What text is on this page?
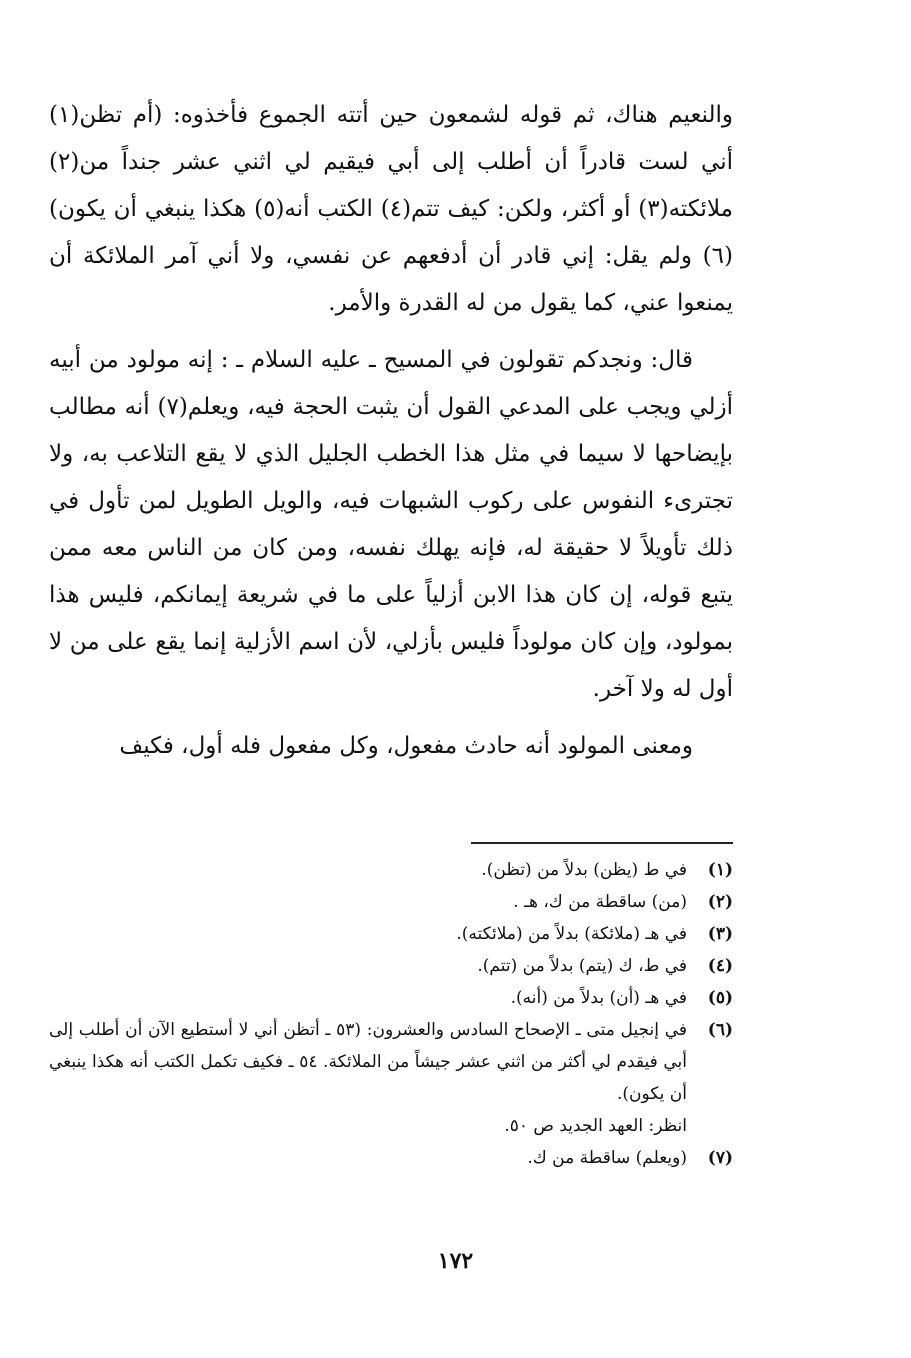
والنعيم هناك، ثم قوله لشمعون حين أتته الجموع فأخذوه: (أم تظن(١) أني لست قادراً أن أطلب إلى أبي فيقيم لي اثني عشر جنداً من(٢) ملائكته(٣) أو أكثر، ولكن: كيف تتم(٤) الكتب أنه(٥) هكذا ينبغي أن يكون)(٦) ولم يقل: إني قادر أن أدفعهم عن نفسي، ولا أني آمر الملائكة أن يمنعوا عني، كما يقول من له القدرة والأمر.

قال: ونجدكم تقولون في المسيح ـ عليه السلام ـ : إنه مولود من أبيه أزلي ويجب على المدعي القول أن يثبت الحجة فيه، ويعلم(٧) أنه مطالب بإيضاحها لا سيما في مثل هذا الخطب الجليل الذي لا يقع التلاعب به، ولا تجترىء النفوس على ركوب الشبهات فيه، والويل الطويل لمن تأول في ذلك تأويلاً لا حقيقة له، فإنه يهلك نفسه، ومن كان من الناس معه ممن يتبع قوله، إن كان هذا الابن أزلياً على ما في شريعة إيمانكم، فليس هذا بمولود، وإن كان مولوداً فليس بأزلي، لأن اسم الأزلية إنما يقع على من لا أول له ولا آخر.

ومعنى المولود أنه حادث مفعول، وكل مفعول فله أول، فكيف

(١)
في ط (يظن) بدلاً من (تظن).
(٢)
(من) ساقطة من ك، هـ .
(٣)
في هـ (ملائكة) بدلاً من (ملائكته).
(٤)
في ط، ك (يتم) بدلاً من (تتم).
(٥)
في هـ (أن) بدلاً من (أنه).
(٦)
في إنجيل متى ـ الإصحاح السادس والعشرون: (٥٣ ـ أتظن أني لا أستطيع الآن أن أطلب إلى أبي فيقدم لي أكثر من اثني عشر جيشاً من الملائكة. ٥٤ ـ فكيف تكمل الكتب أنه هكذا ينبغي أن يكون).
انظر: العهد الجديد ص ٥٠.
(٧)
(ويعلم) ساقطة من ك.
١٧٢
